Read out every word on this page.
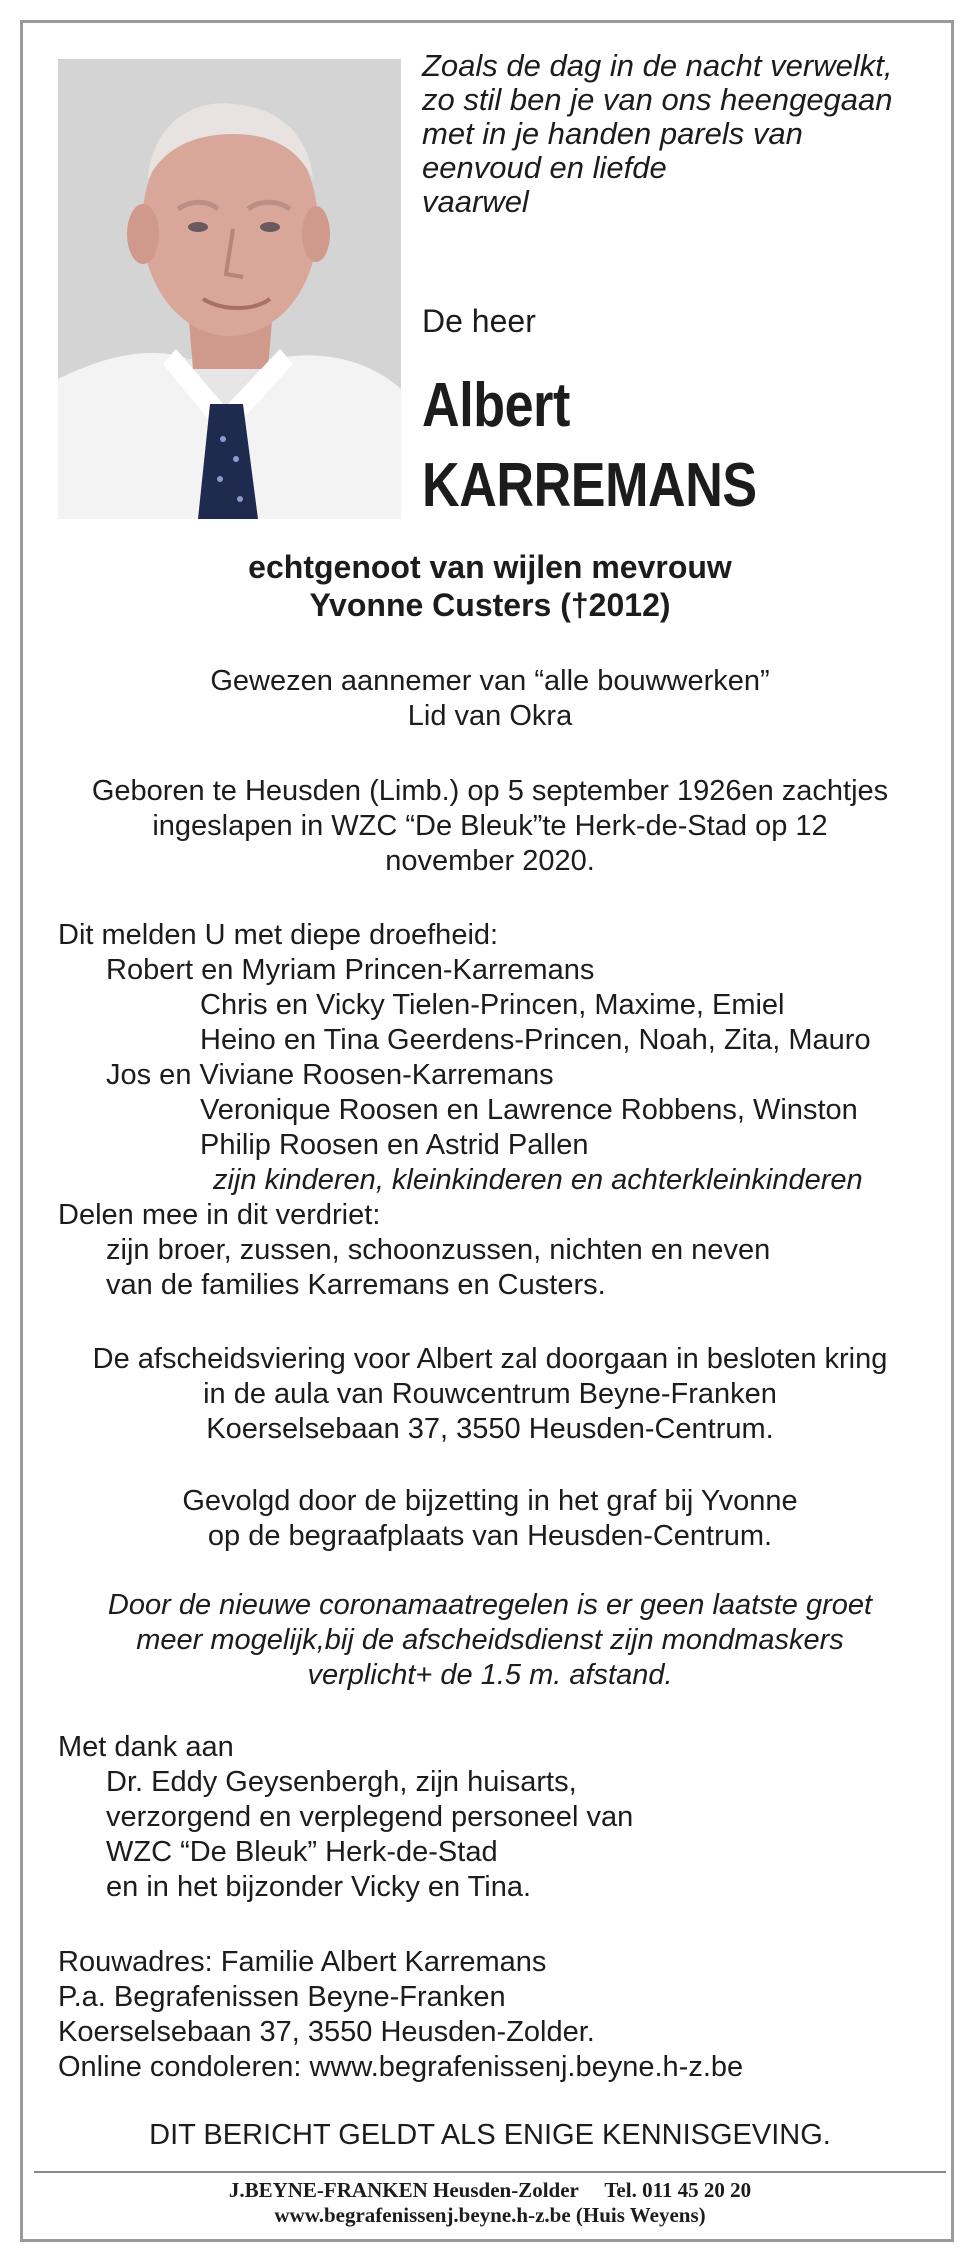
Zoals de dag in de nacht verwelkt,
zo stil ben je van ons heengegaan
met in je handen parels van
eenvoud en liefde
vaarwel
De heer
Albert
KARREMANS
echtgenoot van wijlen mevrouw
Yvonne Custers (†2012)
Gewezen aannemer van “alle bouwwerken”
Lid van Okra
Geboren te Heusden (Limb.) op 5 september 1926en zachtjes
ingeslapen in WZC “De Bleuk”te Herk-de-Stad op 12
november 2020.
Dit melden U met diepe droefheid:
Robert en Myriam Princen-Karremans
Chris en Vicky Tielen-Princen, Maxime, Emiel
Heino en Tina Geerdens-Princen, Noah, Zita, Mauro
Jos en Viviane Roosen-Karremans
Veronique Roosen en Lawrence Robbens, Winston
Philip Roosen en Astrid Pallen
zijn kinderen, kleinkinderen en achterkleinkinderen
Delen mee in dit verdriet:
zijn broer, zussen, schoonzussen, nichten en neven
van de families Karremans en Custers.
De afscheidsviering voor Albert zal doorgaan in besloten kring
in de aula van Rouwcentrum Beyne-Franken
Koerselsebaan 37, 3550 Heusden-Centrum.
Gevolgd door de bijzetting in het graf bij Yvonne
op de begraafplaats van Heusden-Centrum.
Door de nieuwe coronamaatregelen is er geen laatste groet
meer mogelijk,bij de afscheidsdienst zijn mondmaskers
verplicht+ de 1.5 m. afstand.
Met dank aan
Dr. Eddy Geysenbergh, zijn huisarts,
verzorgend en verplegend personeel van
WZC “De Bleuk” Herk-de-Stad
en in het bijzonder Vicky en Tina.
Rouwadres: Familie Albert Karremans
P.a. Begrafenissen Beyne-Franken
Koerselsebaan 37, 3550 Heusden-Zolder.
Online condoleren: www.begrafenissenj.beyne.h-z.be
DIT BERICHT GELDT ALS ENIGE KENNISGEVING.
J.BEYNE-FRANKEN Heusden-Zolder     Tel. 011 45 20 20
www.begrafenissenj.beyne.h-z.be (Huis Weyens)
